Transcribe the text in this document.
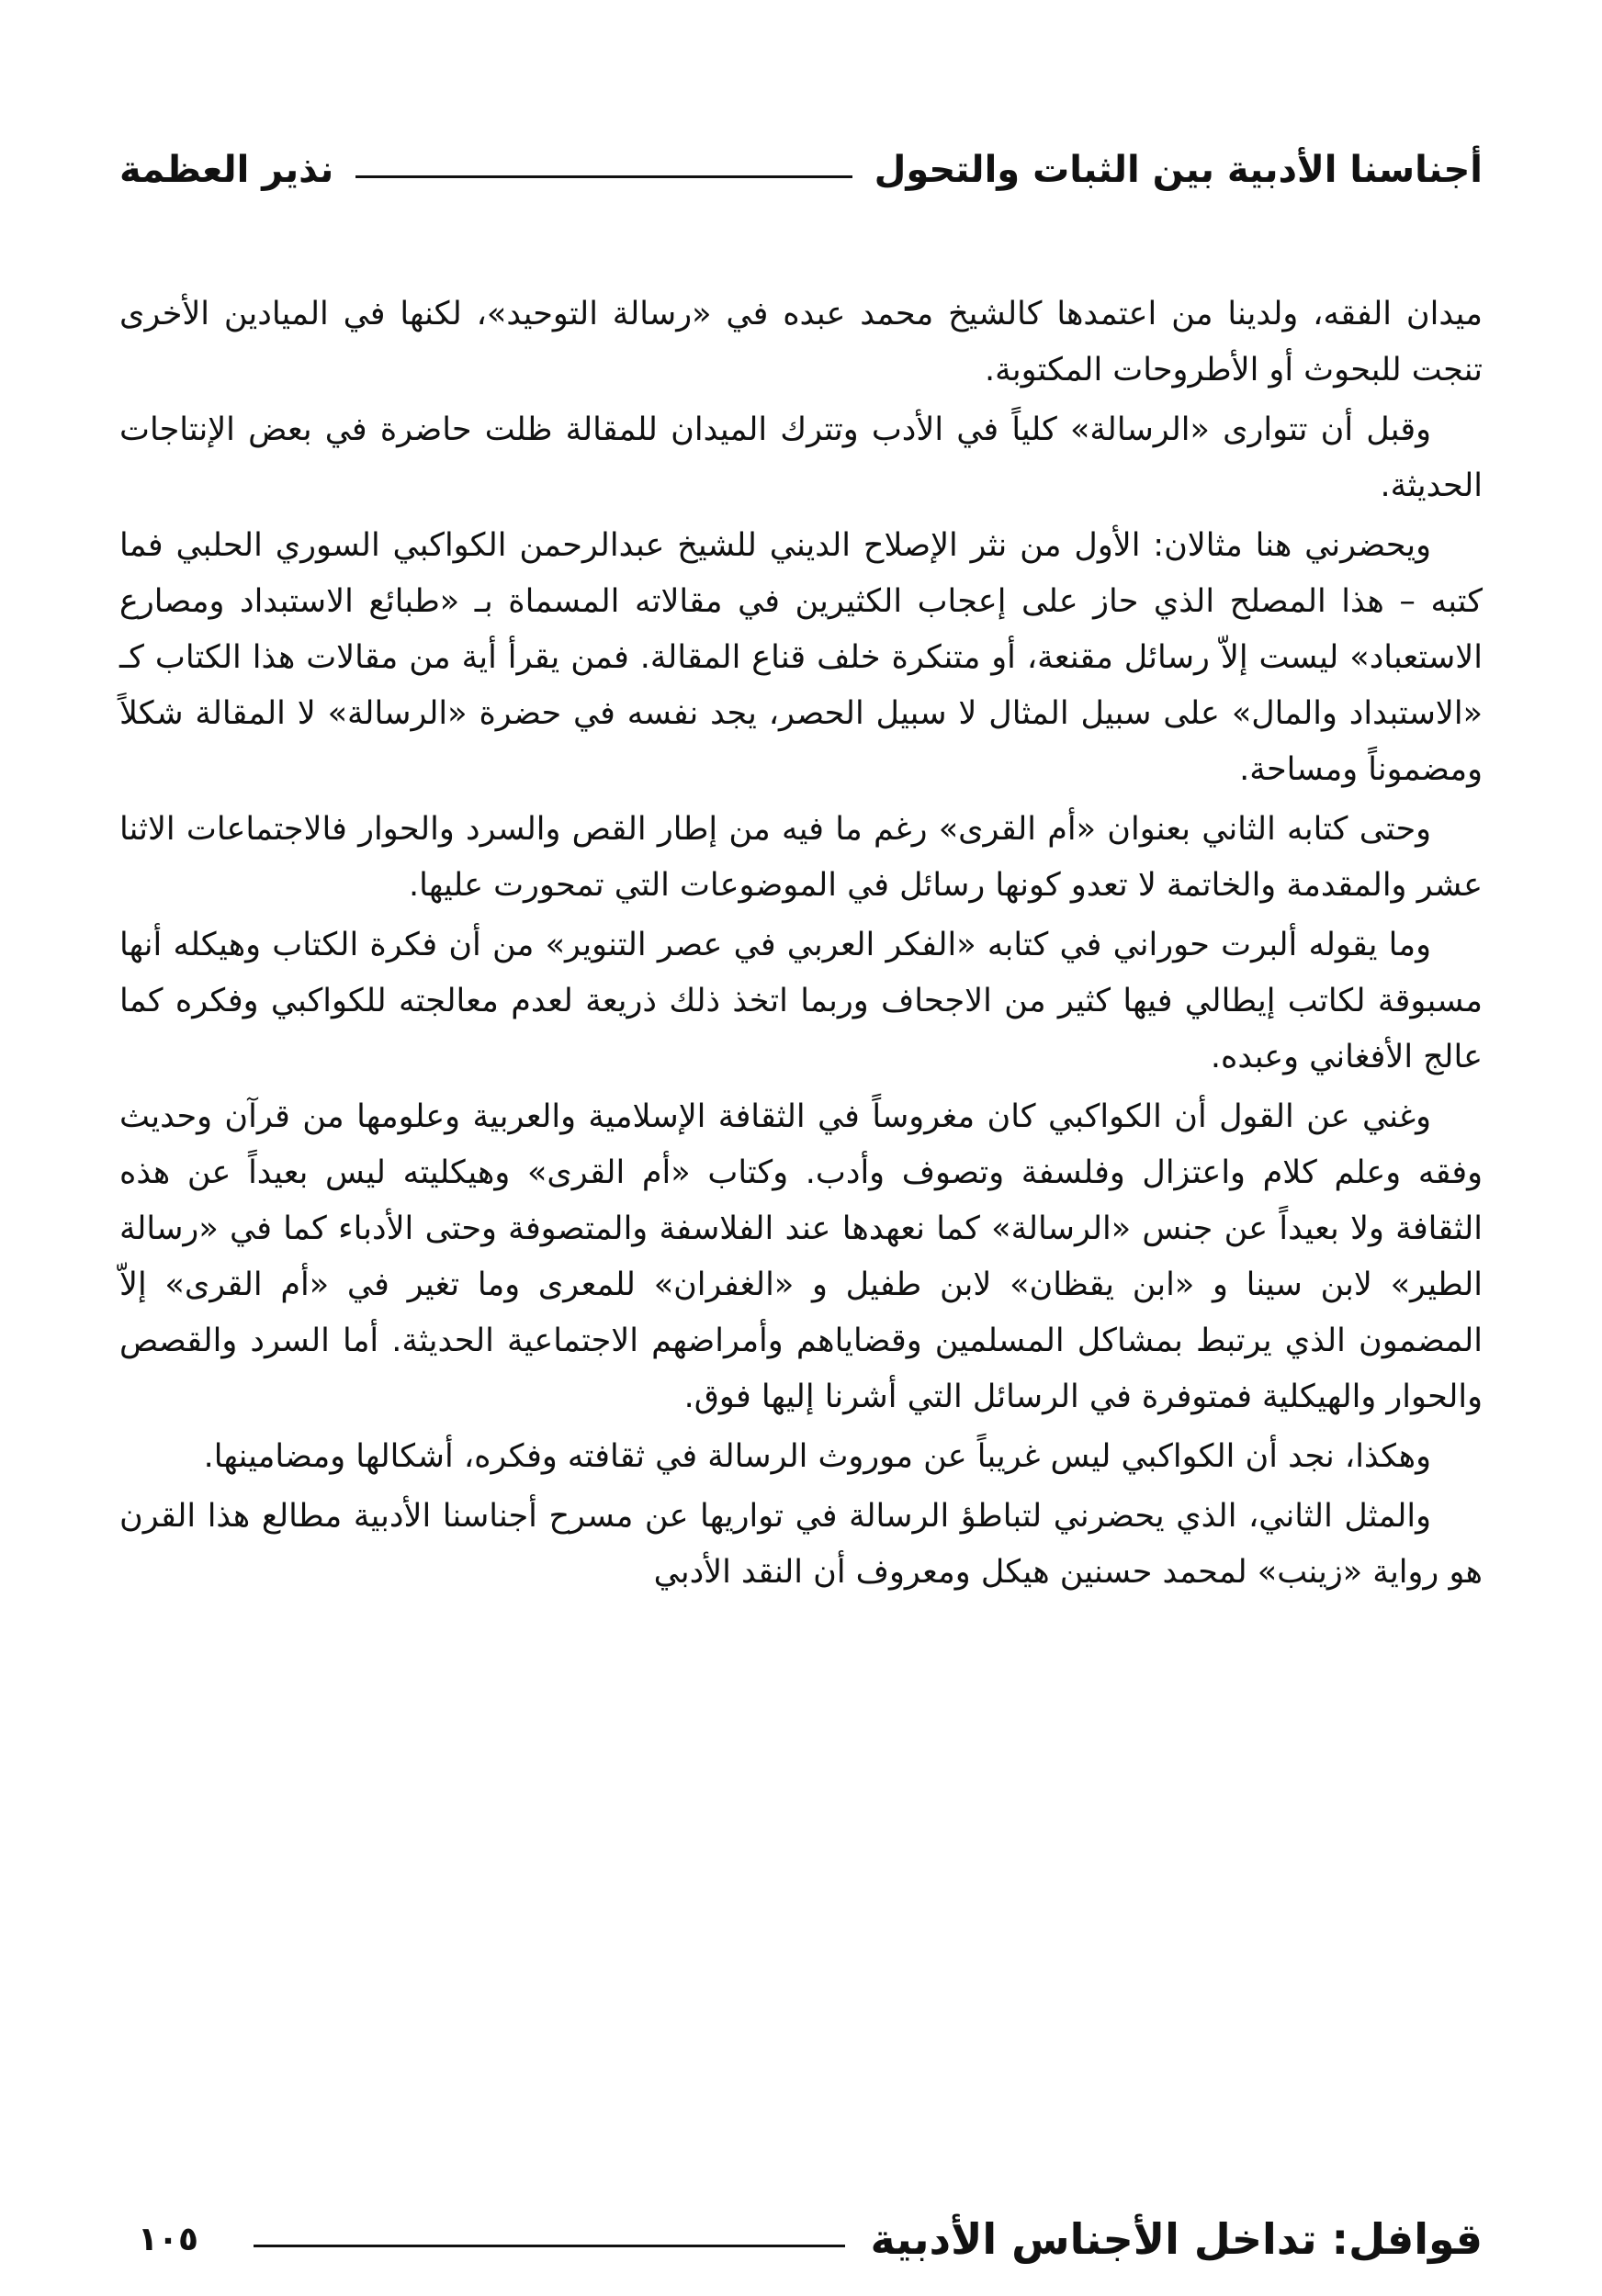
أجناسنا الأدبية بين الثبات والتحول
نذير العظمة

ميدان الفقه، ولدينا من اعتمدها كالشيخ محمد عبده في «رسالة التوحيد»، لكنها في الميادين الأخرى تنجت للبحوث أو الأطروحات المكتوبة.

وقبل أن تتوارى «الرسالة» كلياً في الأدب وتترك الميدان للمقالة ظلت حاضرة في بعض الإنتاجات الحديثة.

ويحضرني هنا مثالان: الأول من نثر الإصلاح الديني للشيخ عبدالرحمن الكواكبي السوري الحلبي فما كتبه – هذا المصلح الذي حاز على إعجاب الكثيرين في مقالاته المسماة بـ «طبائع الاستبداد ومصارع الاستعباد» ليست إلاّ رسائل مقنعة، أو متنكرة خلف قناع المقالة. فمن يقرأ أية من مقالات هذا الكتاب كـ «الاستبداد والمال» على سبيل المثال لا سبيل الحصر، يجد نفسه في حضرة «الرسالة» لا المقالة شكلاً ومضموناً ومساحة.

وحتى كتابه الثاني بعنوان «أم القرى» رغم ما فيه من إطار القص والسرد والحوار فالاجتماعات الاثنا عشر والمقدمة والخاتمة لا تعدو كونها رسائل في الموضوعات التي تمحورت عليها.

وما يقوله ألبرت حوراني في كتابه «الفكر العربي في عصر التنوير» من أن فكرة الكتاب وهيكله أنها مسبوقة لكاتب إيطالي فيها كثير من الاجحاف وربما اتخذ ذلك ذريعة لعدم معالجته للكواكبي وفكره كما عالج الأفغاني وعبده.

وغني عن القول أن الكواكبي كان مغروساً في الثقافة الإسلامية والعربية وعلومها من قرآن وحديث وفقه وعلم كلام واعتزال وفلسفة وتصوف وأدب. وكتاب «أم القرى» وهيكليته ليس بعيداً عن هذه الثقافة ولا بعيداً عن جنس «الرسالة» كما نعهدها عند الفلاسفة والمتصوفة وحتى الأدباء كما في «رسالة الطير» لابن سينا و «ابن يقظان» لابن طفيل و «الغفران» للمعرى وما تغير في «أم القرى» إلاّ المضمون الذي يرتبط بمشاكل المسلمين وقضاياهم وأمراضهم الاجتماعية الحديثة. أما السرد والقصص والحوار والهيكلية فمتوفرة في الرسائل التي أشرنا إليها فوق.

وهكذا، نجد أن الكواكبي ليس غريباً عن موروث الرسالة في ثقافته وفكره، أشكالها ومضامينها.

والمثل الثاني، الذي يحضرني لتباطؤ الرسالة في تواريها عن مسرح أجناسنا الأدبية مطالع هذا القرن هو رواية «زينب» لمحمد حسنين هيكل ومعروف أن النقد الأدبي

قوافل: تداخل الأجناس الأدبية
١٠٥
